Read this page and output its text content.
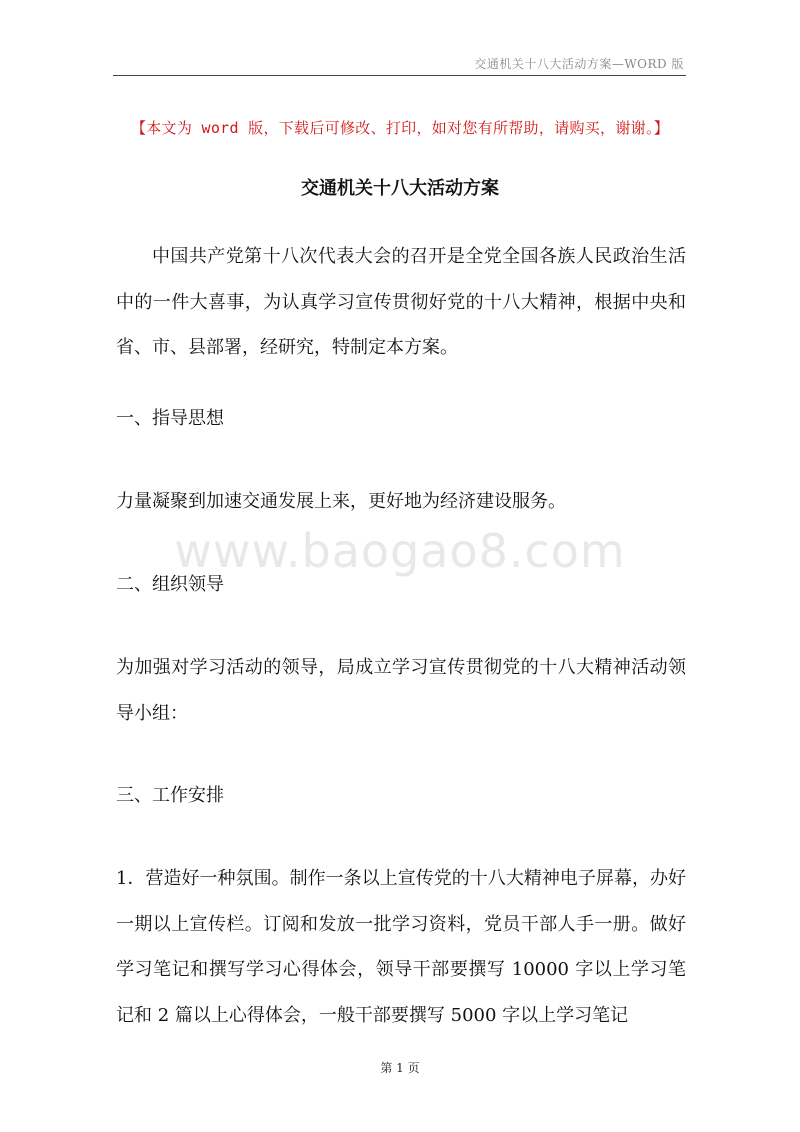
交通机关十八大活动方案—WORD 版
【本文为 word 版，下载后可修改、打印，如对您有所帮助，请购买，谢谢。】
交通机关十八大活动方案

中国共产党第十八次代表大会的召开是全党全国各族人民政治生活中的一件大喜事，为认真学习宣传贯彻好党的十八大精神，根据中央和省、市、县部署，经研究，特制定本方案。

一、指导思想

力量凝聚到加速交通发展上来，更好地为经济建设服务。

www.baogao8.com

二、组织领导

为加强对学习活动的领导，局成立学习宣传贯彻党的十八大精神活动领导小组：

三、工作安排

1．营造好一种氛围。制作一条以上宣传党的十八大精神电子屏幕，办好一期以上宣传栏。订阅和发放一批学习资料，党员干部人手一册。做好学习笔记和撰写学习心得体会，领导干部要撰写 10000 字以上学习笔记和 2 篇以上心得体会，一般干部要撰写 5000 字以上学习笔记

第 1 页
